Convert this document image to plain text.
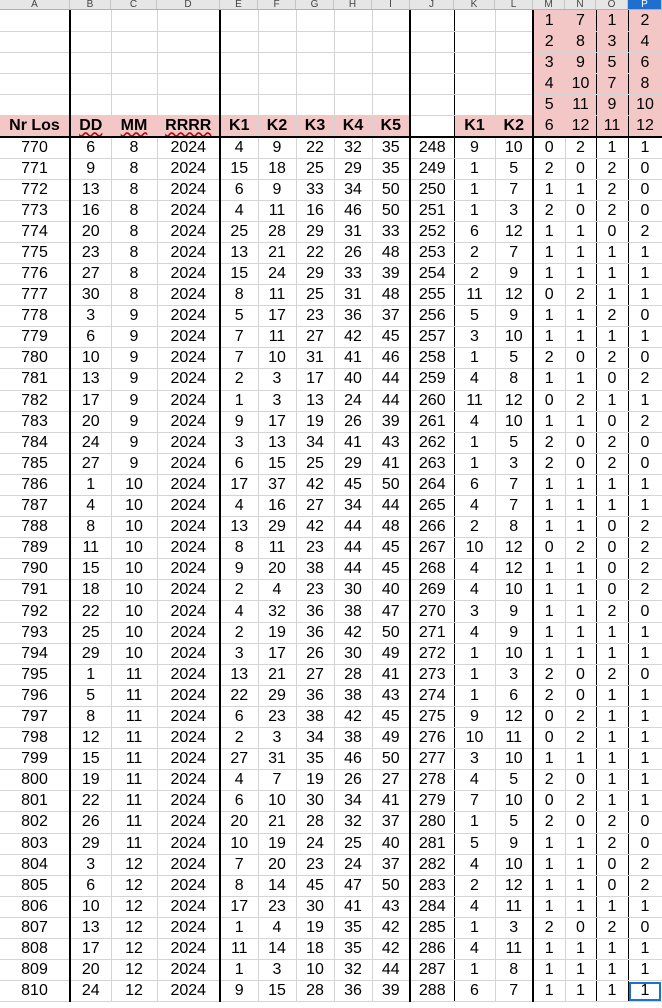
A	B	C	D	E	F	G	H	I	J	K	L	M	N	O	P
												1	7	1	2
												2	8	3	4
												3	9	5	6
												4	10	7	8
												5	11	9	10
Nr Los	DD	MM	RRRR	K1	K2	K3	K4	K5		K1	K2	6	12	11	12
770	6	8	2024	4	9	22	32	35	248	9	10	0	2	1	1
771	9	8	2024	15	18	25	29	35	249	1	5	2	0	2	0
772	13	8	2024	6	9	33	34	50	250	1	7	1	1	2	0
773	16	8	2024	4	11	16	46	50	251	1	3	2	0	2	0
774	20	8	2024	25	28	29	31	33	252	6	12	1	1	0	2
775	23	8	2024	13	21	22	26	48	253	2	7	1	1	1	1
776	27	8	2024	15	24	29	33	39	254	2	9	1	1	1	1
777	30	8	2024	8	11	25	31	48	255	11	12	0	2	1	1
778	3	9	2024	5	17	23	36	37	256	5	9	1	1	2	0
779	6	9	2024	7	11	27	42	45	257	3	10	1	1	1	1
780	10	9	2024	7	10	31	41	46	258	1	5	2	0	2	0
781	13	9	2024	2	3	17	40	44	259	4	8	1	1	0	2
782	17	9	2024	1	3	13	24	44	260	11	12	0	2	1	1
783	20	9	2024	9	17	19	26	39	261	4	10	1	1	0	2
784	24	9	2024	3	13	34	41	43	262	1	5	2	0	2	0
785	27	9	2024	6	15	25	29	41	263	1	3	2	0	2	0
786	1	10	2024	17	37	42	45	50	264	6	7	1	1	1	1
787	4	10	2024	4	16	27	34	44	265	4	7	1	1	1	1
788	8	10	2024	13	29	42	44	48	266	2	8	1	1	0	2
789	11	10	2024	8	11	23	44	45	267	10	12	0	2	0	2
790	15	10	2024	9	20	38	44	45	268	4	12	1	1	0	2
791	18	10	2024	2	4	23	30	40	269	4	10	1	1	0	2
792	22	10	2024	4	32	36	38	47	270	3	9	1	1	2	0
793	25	10	2024	2	19	36	42	50	271	4	9	1	1	1	1
794	29	10	2024	3	17	26	30	49	272	1	10	1	1	1	1
795	1	11	2024	13	21	27	28	41	273	1	3	2	0	2	0
796	5	11	2024	22	29	36	38	43	274	1	6	2	0	1	1
797	8	11	2024	6	23	38	42	45	275	9	12	0	2	1	1
798	12	11	2024	2	3	34	38	49	276	10	11	0	2	1	1
799	15	11	2024	27	31	35	46	50	277	3	10	1	1	1	1
800	19	11	2024	4	7	19	26	27	278	4	5	2	0	1	1
801	22	11	2024	6	10	30	34	41	279	7	10	0	2	1	1
802	26	11	2024	20	21	28	32	37	280	1	5	2	0	2	0
803	29	11	2024	10	19	24	25	40	281	5	9	1	1	2	0
804	3	12	2024	7	20	23	24	37	282	4	10	1	1	0	2
805	6	12	2024	8	14	45	47	50	283	2	12	1	1	0	2
806	10	12	2024	17	23	30	41	43	284	4	11	1	1	1	1
807	13	12	2024	1	4	19	35	42	285	1	3	2	0	2	0
808	17	12	2024	11	14	18	35	42	286	4	11	1	1	1	1
809	20	12	2024	1	3	10	32	44	287	1	8	1	1	1	1
810	24	12	2024	9	15	28	36	39	288	6	7	1	1	1	1
